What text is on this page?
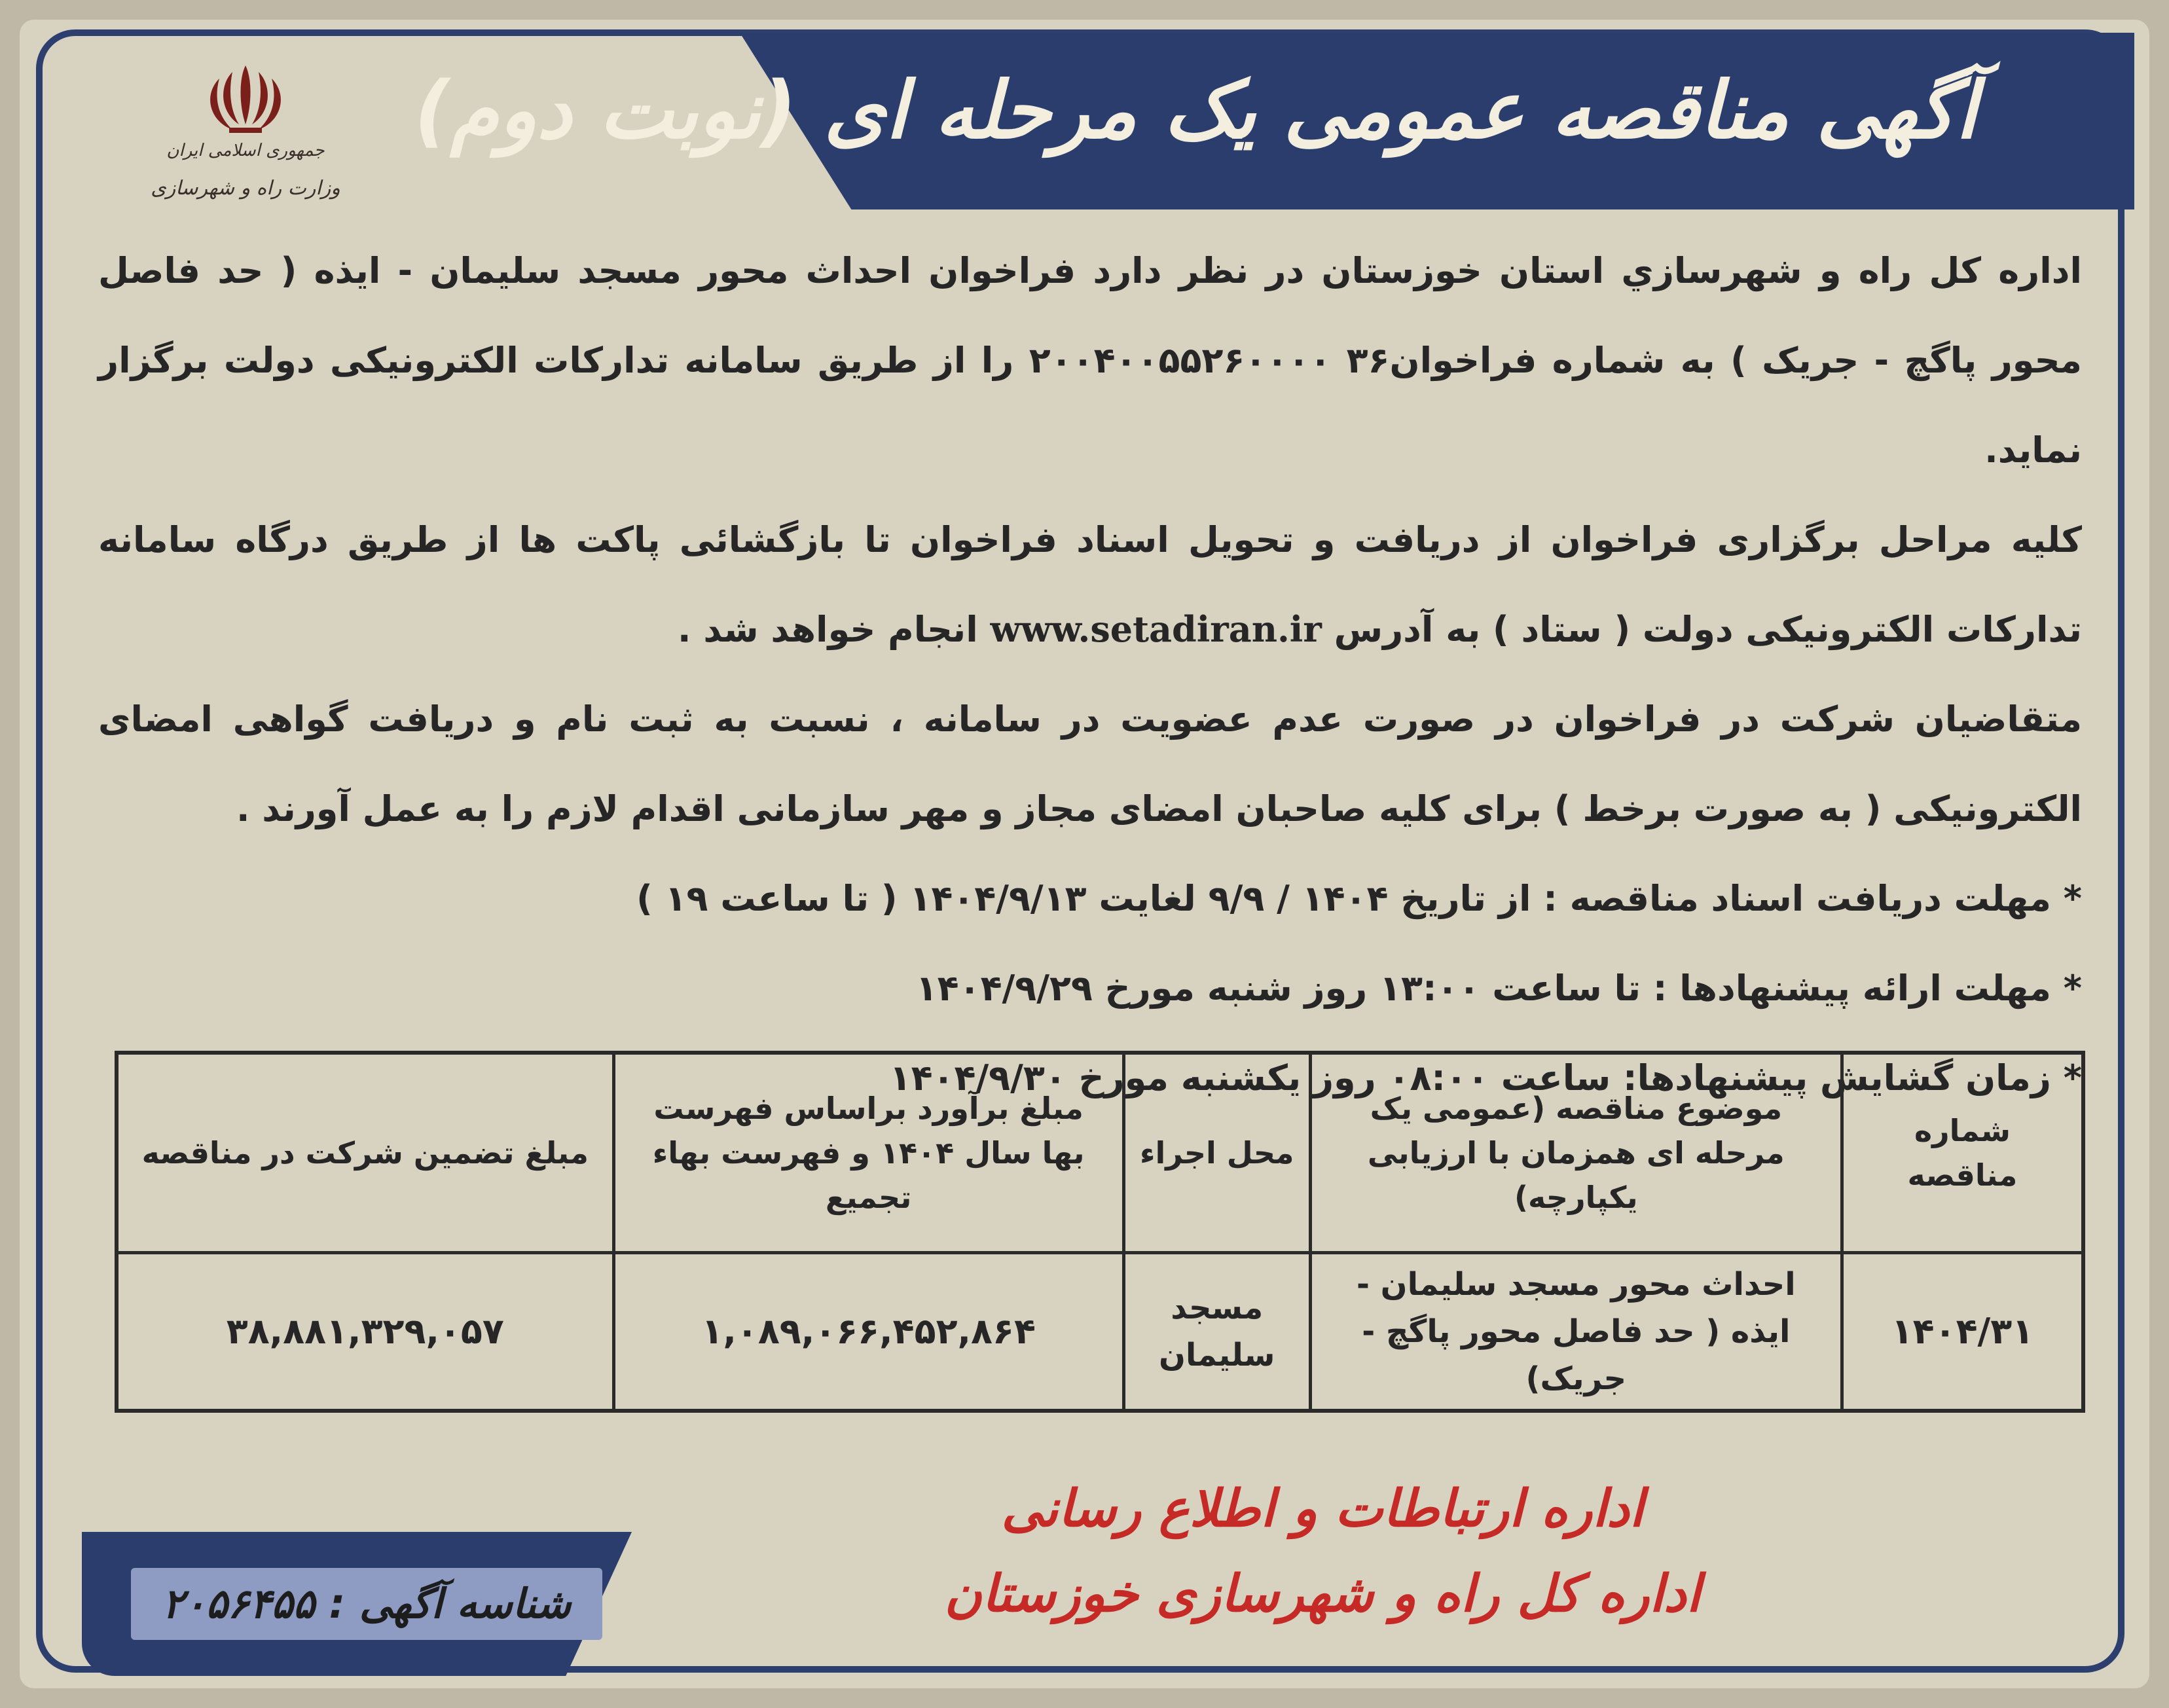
آگهی مناقصه عمومی یک مرحله ای (نوبت دوم)
جمهوری اسلامی ایران
وزارت راه و شهرسازی

اداره کل راه و شهرسازي استان خوزستان در نظر دارد فراخوان احداث محور مسجد سلیمان - ایذه ( حد فاصل محور پاگچ - جریک ) به شماره فراخوان۳۶ ۲۰۰۴۰۰۵۵۲۶۰۰۰۰ را از طریق سامانه تدارکات الکترونیکی دولت برگزار نماید.

کلیه مراحل برگزاری فراخوان از دریافت و تحویل اسناد فراخوان تا بازگشائی پاکت ها از طریق درگاه سامانه تدارکات الکترونیکی دولت ( ستاد ) به آدرس www.setadiran.ir انجام خواهد شد .

متقاضیان شرکت در فراخوان در صورت عدم عضویت در سامانه ، نسبت به ثبت نام و دریافت گواهی امضای الکترونیکی ( به صورت برخط ) برای کلیه صاحبان امضای مجاز و مهر سازمانی اقدام لازم را به عمل آورند .

* مهلت دریافت اسناد مناقصه : از تاریخ ۱۴۰۴ / ۹/۹ لغایت ۱۴۰۴/۹/۱۳ ( تا ساعت ۱۹ )

* مهلت ارائه پیشنهادها : تا ساعت ۱۳:۰۰ روز شنبه مورخ ۱۴۰۴/۹/۲۹

* زمان گشایش پیشنهادها: ساعت ۰۸:۰۰ روز یکشنبه مورخ ۱۴۰۴/۹/۳۰

شماره مناقصه	موضوع مناقصه (عمومی یک مرحله ای همزمان با ارزیابی یکپارچه)	محل اجراء	مبلغ برآورد براساس فهرست بها سال ۱۴۰۴ و فهرست بهاء تجمیع	مبلغ تضمین شرکت در مناقصه
۱۴۰۴/۳۱	احداث محور مسجد سلیمان - ایذه ( حد فاصل محور پاگچ - جریک)	مسجد سلیمان	۱,۰۸۹,۰۶۶,۴۵۲,۸۶۴	۳۸,۸۸۱,۳۲۹,۰۵۷
اداره ارتباطات و اطلاع رسانی
اداره کل راه و شهرسازی خوزستان
شناسه آگهی : ۲۰۵۶۴۵۵
